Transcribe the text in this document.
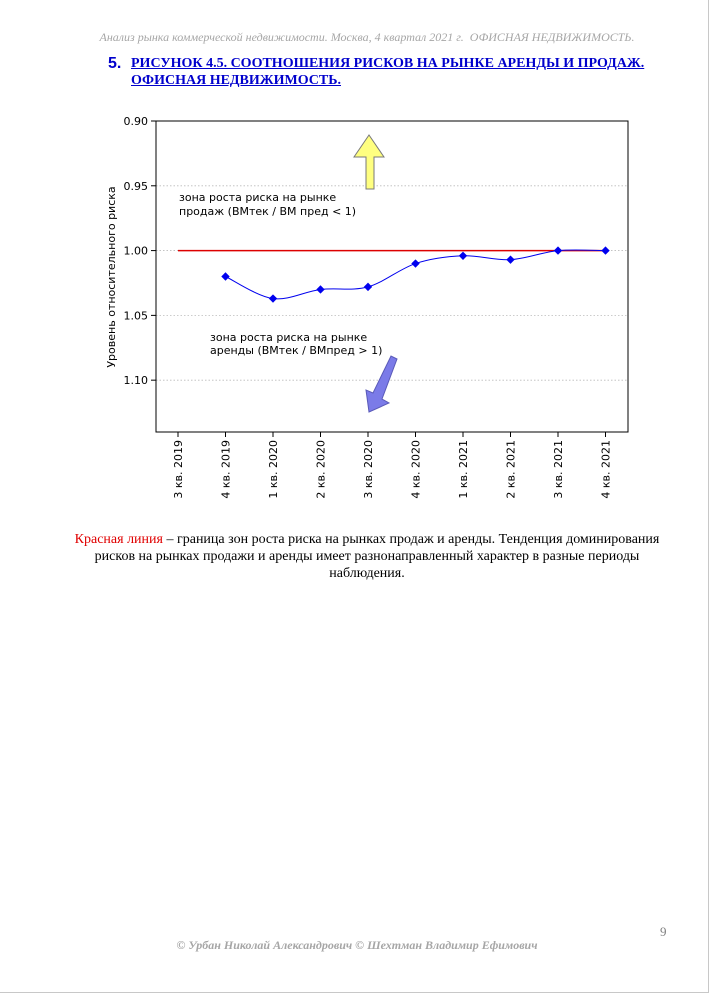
Анализ рынка коммерческой недвижимости. Москва, 4 квартал 2021 г. ОФИСНАЯ НЕДВИЖИМОСТЬ.
5. РИСУНОК 4.5. СООТНОШЕНИЯ РИСКОВ НА РЫНКЕ АРЕНДЫ И ПРОДАЖ. ОФИСНАЯ НЕДВИЖИМОСТЬ.
0.90
0.95
1.00
1.05
1.10
3 кв. 2019	4 кв. 2019	1 кв. 2020	2 кв. 2020	3 кв. 2020	4 кв. 2020	1 кв. 2021	2 кв. 2021	3 кв. 2021	4 кв. 2021
Уровень относительного риска	зона роста риска на рынке продаж (ВМтек / ВМ пред < 1)
зона роста риска на рынке аренды (ВМтек / ВМпред > 1)
Красная линия – граница зон роста риска на рынках продаж и аренды. Тенденция доминирования рисков на рынках продажи и аренды имеет разнонаправленный характер в разные периоды наблюдения.
9
© Урбан Николай Александрович © Шехтман Владимир Ефимович
